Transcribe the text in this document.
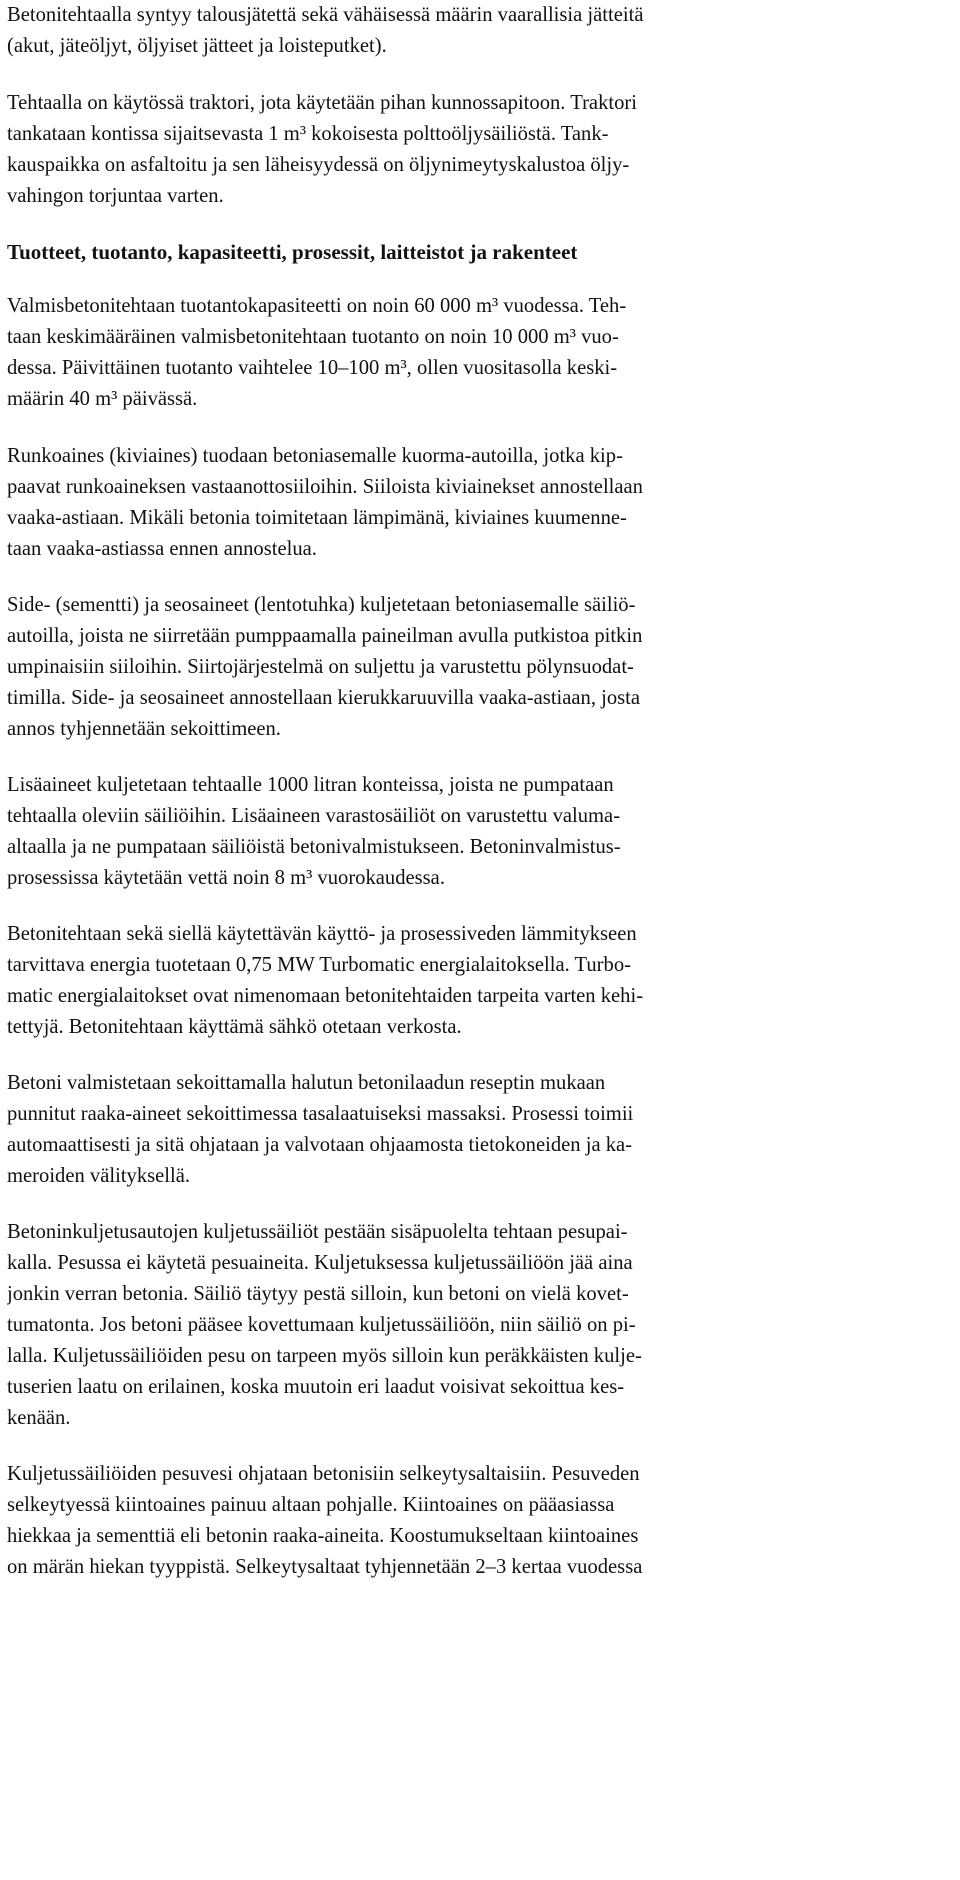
Betonitehtaalla syntyy talousjätettä sekä vähäisessä määrin vaarallisia jätteitä
(akut, jäteöljyt, öljyiset jätteet ja loisteputket).
Tehtaalla on käytössä traktori, jota käytetään pihan kunnossapitoon. Traktori
tankataan kontissa sijaitsevasta 1 m³ kokoisesta polttoöljysäiliöstä. Tank-
kauspaikka on asfaltoitu ja sen läheisyydessä on öljynimeytyskalustoa öljy-
vahingon torjuntaa varten.
Tuotteet, tuotanto, kapasiteetti, prosessit, laitteistot ja rakenteet
Valmisbetonitehtaan tuotantokapasiteetti on noin 60 000 m³ vuodessa. Teh-
taan keskimääräinen valmisbetonitehtaan tuotanto on noin 10 000 m³ vuo-
dessa. Päivittäinen tuotanto vaihtelee 10–100 m³, ollen vuositasolla keski-
määrin 40 m³ päivässä.
Runkoaines (kiviaines) tuodaan betoniasemalle kuorma-autoilla, jotka kip-
paavat runkoaineksen vastaanottosiiloihin. Siiloista kiviainekset annostellaan
vaaka-astiaan. Mikäli betonia toimitetaan lämpimänä, kiviaines kuumenne-
taan vaaka-astiassa ennen annostelua.
Side- (sementti) ja seosaineet (lentotuhka) kuljetetaan betoniasemalle säiliö-
autoilla, joista ne siirretään pumppaamalla paineilman avulla putkistoa pitkin
umpinaisiin siiloihin. Siirtojärjestelmä on suljettu ja varustettu pölynsuodat-
timilla. Side- ja seosaineet annostellaan kierukkaruuvilla vaaka-astiaan, josta
annos tyhjennetään sekoittimeen.
Lisäaineet kuljetetaan tehtaalle 1000 litran konteissa, joista ne pumpataan
tehtaalla oleviin säiliöihin. Lisäaineen varastosäiliöt on varustettu valuma-
altaalla ja ne pumpataan säiliöistä betonivalmistukseen. Betoninvalmistus-
prosessissa käytetään vettä noin 8 m³ vuorokaudessa.
Betonitehtaan sekä siellä käytettävän käyttö- ja prosessiveden lämmitykseen
tarvittava energia tuotetaan 0,75 MW Turbomatic energialaitoksella. Turbo-
matic energialaitokset ovat nimenomaan betonitehtaiden tarpeita varten kehi-
tettyjä. Betonitehtaan käyttämä sähkö otetaan verkosta.
Betoni valmistetaan sekoittamalla halutun betonilaadun reseptin mukaan
punnitut raaka-aineet sekoittimessa tasalaatuiseksi massaksi. Prosessi toimii
automaattisesti ja sitä ohjataan ja valvotaan ohjaamosta tietokoneiden ja ka-
meroiden välityksellä.
Betoninkuljetusautojen kuljetussäiliöt pestään sisäpuolelta tehtaan pesupai-
kalla. Pesussa ei käytetä pesuaineita. Kuljetuksessa kuljetussäiliöön jää aina
jonkin verran betonia. Säiliö täytyy pestä silloin, kun betoni on vielä kovet-
tumatonta. Jos betoni pääsee kovettumaan kuljetussäiliöön, niin säiliö on pi-
lalla. Kuljetussäiliöiden pesu on tarpeen myös silloin kun peräkkäisten kulje-
tuserien laatu on erilainen, koska muutoin eri laadut voisivat sekoittua kes-
kenään.
Kuljetussäiliöiden pesuvesi ohjataan betonisiin selkeytysaltaisiin. Pesuveden
selkeytyessä kiintoaines painuu altaan pohjalle. Kiintoaines on pääasiassa
hiekkaa ja sementtiä eli betonin raaka-aineita. Koostumukseltaan kiintoaines
on märän hiekan tyyppistä. Selkeytysaltaat tyhjennetään 2–3 kertaa vuodessa
